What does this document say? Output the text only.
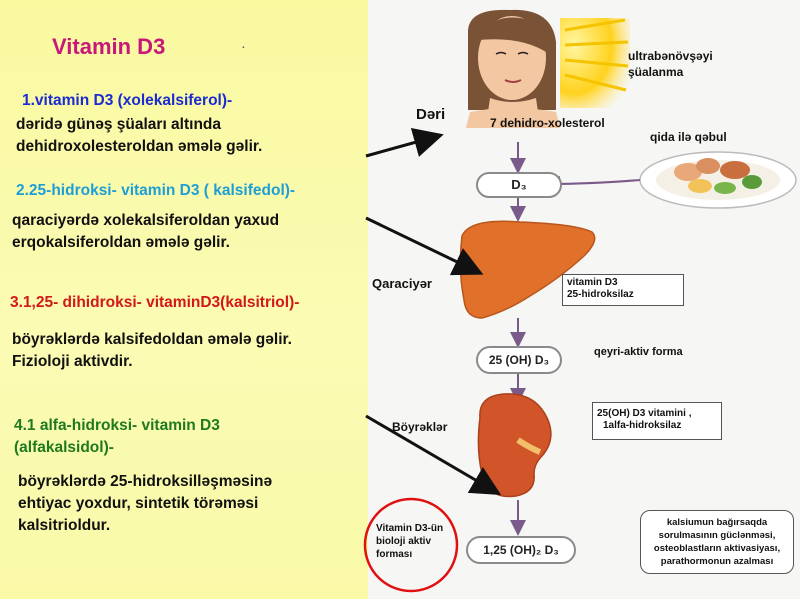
Vitamin D3	.
1.vitamin D3 (xolekalsiferol)-
dəridə günəş şüaları altında
dehidroxolesteroldan əmələ gəlir.
2.25-hidroksi- vitamin D3 ( kalsifedol)-
qaraciyərdə xolekalsiferoldan yaxud
erqokalsiferoldan əmələ gəlir.
3.1,25- dihidroksi- vitaminD3(kalsitriol)-
böyrəklərdə kalsifedoldan əmələ gəlir.
Fizioloji aktivdir.
4.1 alfa-hidroksi- vitamin D3
(alfakalsidol)-
böyrəklərdə 25-hidroksilləşməsinə
ehtiyac yoxdur, sintetik törəməsi
kalsitrioldur.
ultrabənövşəyi
şüalanma
Dəri	7 dehidro-xolesterol
qida ilə qəbul
D₃
Qaraciyər	vitamin D3
25-hidroksilaz
25 (OH) D₃
qeyri-aktiv forma
Böyrəklər
25(OH) D3 vitamini ,
1alfa-hidroksilaz
Vitamin D3-ün
bioloji aktiv
forması	1,25 (OH)₂ D₃
kalsiumun bağırsaqda
sorulmasının güclənməsi,
osteoblastların aktivasiyası,
parathormonun azalması
